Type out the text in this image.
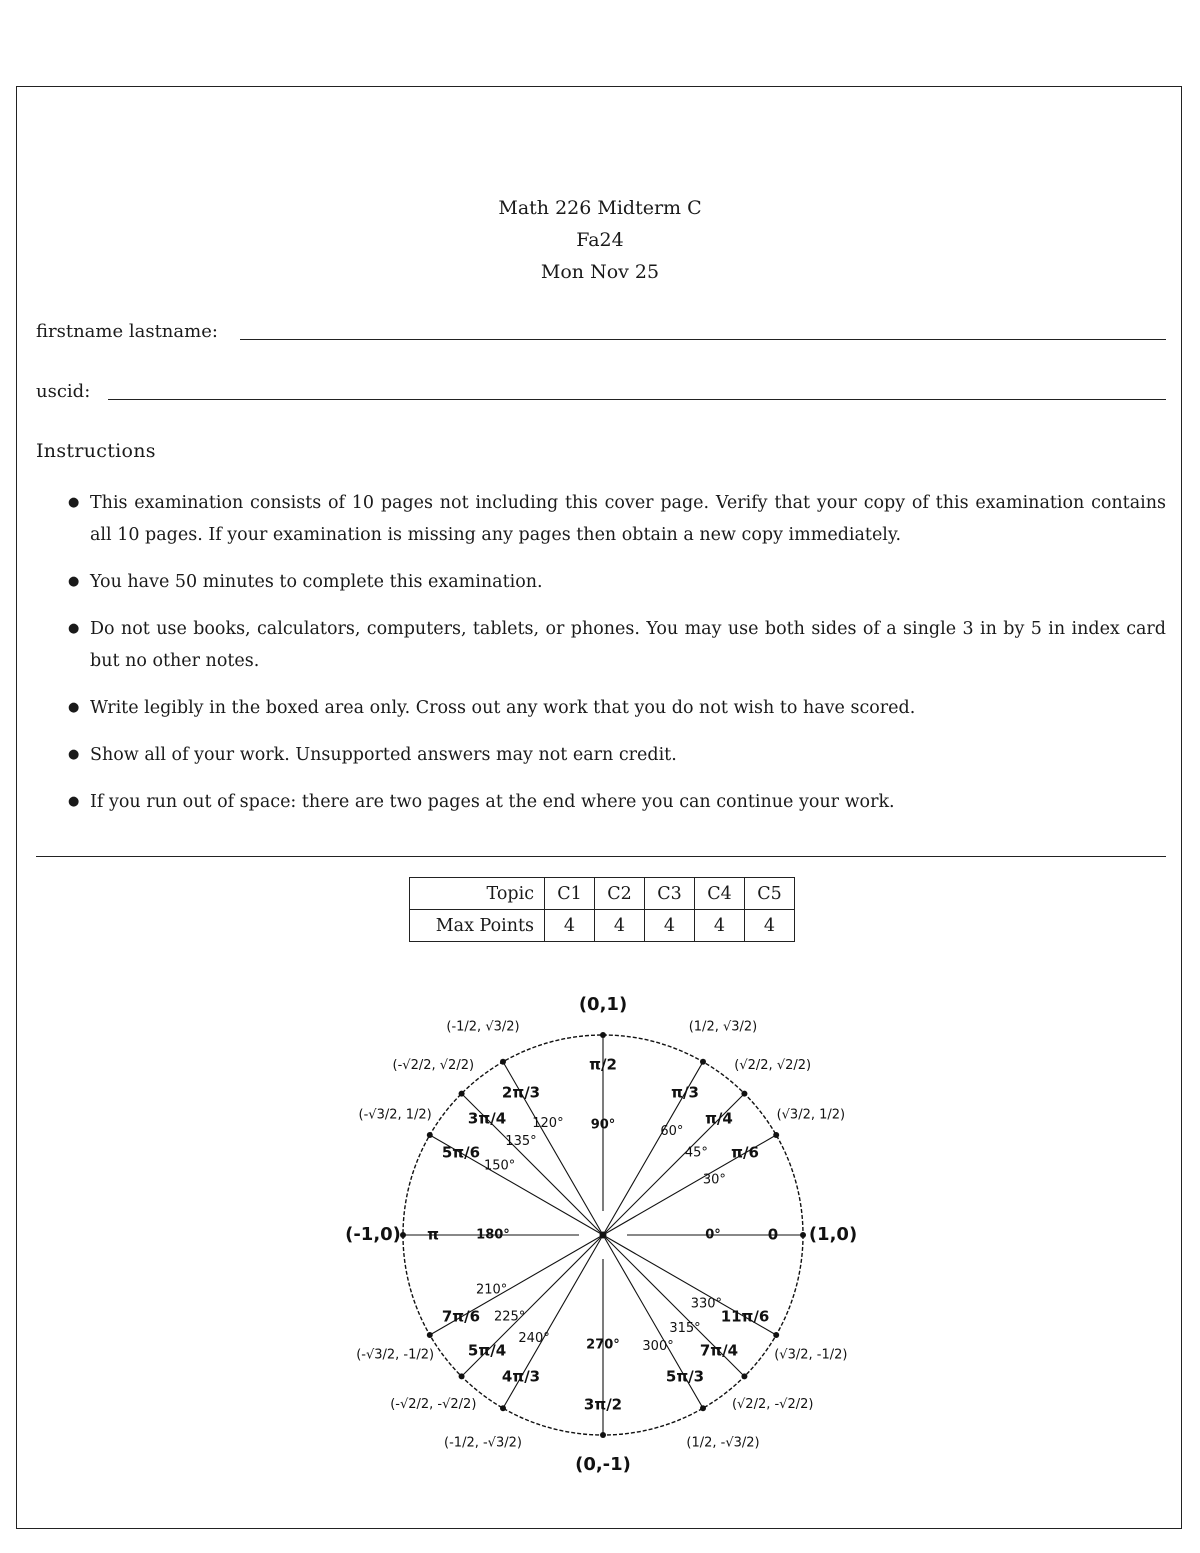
Math 226 Midterm C
Fa24
Mon Nov 25
firstname lastname:
uscid:
Instructions
● This examination consists of 10 pages not including this cover page. Verify that your copy of this examination contains all 10 pages. If your examination is missing any pages then obtain a new copy immediately.
● You have 50 minutes to complete this examination.
● Do not use books, calculators, computers, tablets, or phones. You may use both sides of a single 3 in by 5 in index card but no other notes.
● Write legibly in the boxed area only. Cross out any work that you do not wish to have scored.
● Show all of your work. Unsupported answers may not earn credit.
● If you run out of space: there are two pages at the end where you can continue your work.
Topic	C1	C2	C3	C4	C5
Max Points	4	4	4	4	4
0°	0 (1,0)
30°
π/6
(√3/2, 1/2)
45°
π/4
(√2/2, √2/2)
60°
π/3
(1/2, √3/2)
90°
π/2
(0,1)
120°
2π/3
(-1/2, √3/2)
135°
3π/4
(-√2/2, √2/2)
150°
5π/6
(-√3/2, 1/2)
180°
π
(-1,0)
210°
7π/6
(-√3/2, -1/2)
225°
5π/4
(-√2/2, -√2/2)
240°
4π/3
(-1/2, -√3/2)
270°
3π/2
(0,-1)
300°
5π/3
(1/2, -√3/2)
315°
7π/4
(√2/2, -√2/2)
330°
11π/6
(√3/2, -1/2)
